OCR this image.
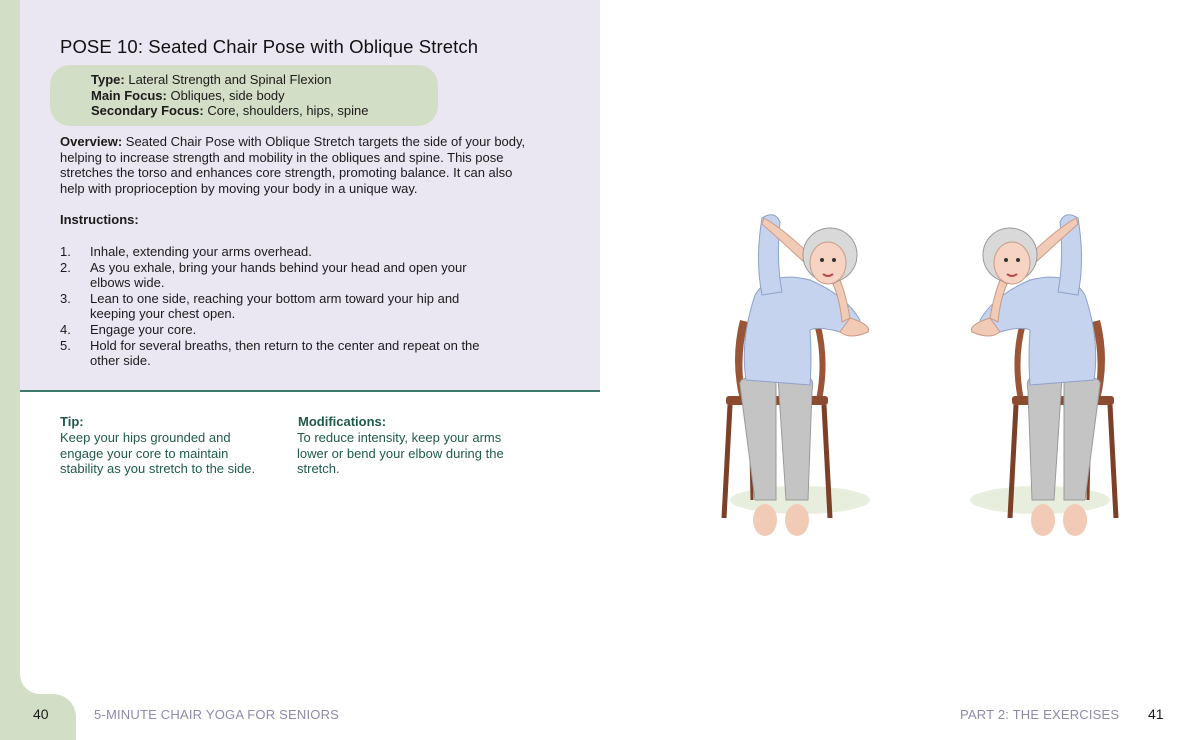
POSE 10: Seated Chair Pose with Oblique Stretch
Type: Lateral Strength and Spinal Flexion
Main Focus: Obliques, side body
Secondary Focus: Core, shoulders, hips, spine
Overview: Seated Chair Pose with Oblique Stretch targets the side of your body,
helping to increase strength and mobility in the obliques and spine. This pose
stretches the torso and enhances core strength, promoting balance. It can also
help with proprioception by moving your body in a unique way.
Instructions:
1.	Inhale, extending your arms overhead.
2.	As you exhale, bring your hands behind your head and open your elbows wide.
3.	Lean to one side, reaching your bottom arm toward your hip and keeping your chest open.
4.	Engage your core.
5.	Hold for several breaths, then return to the center and repeat on the other side.
Tip:
Keep your hips grounded and
engage your core to maintain
stability as you stretch to the side.
Modifications:
To reduce intensity, keep your arms
lower or bend your elbow during the
stretch.
40	5-MINUTE CHAIR YOGA FOR SENIORS	PART 2: THE EXERCISES 41
